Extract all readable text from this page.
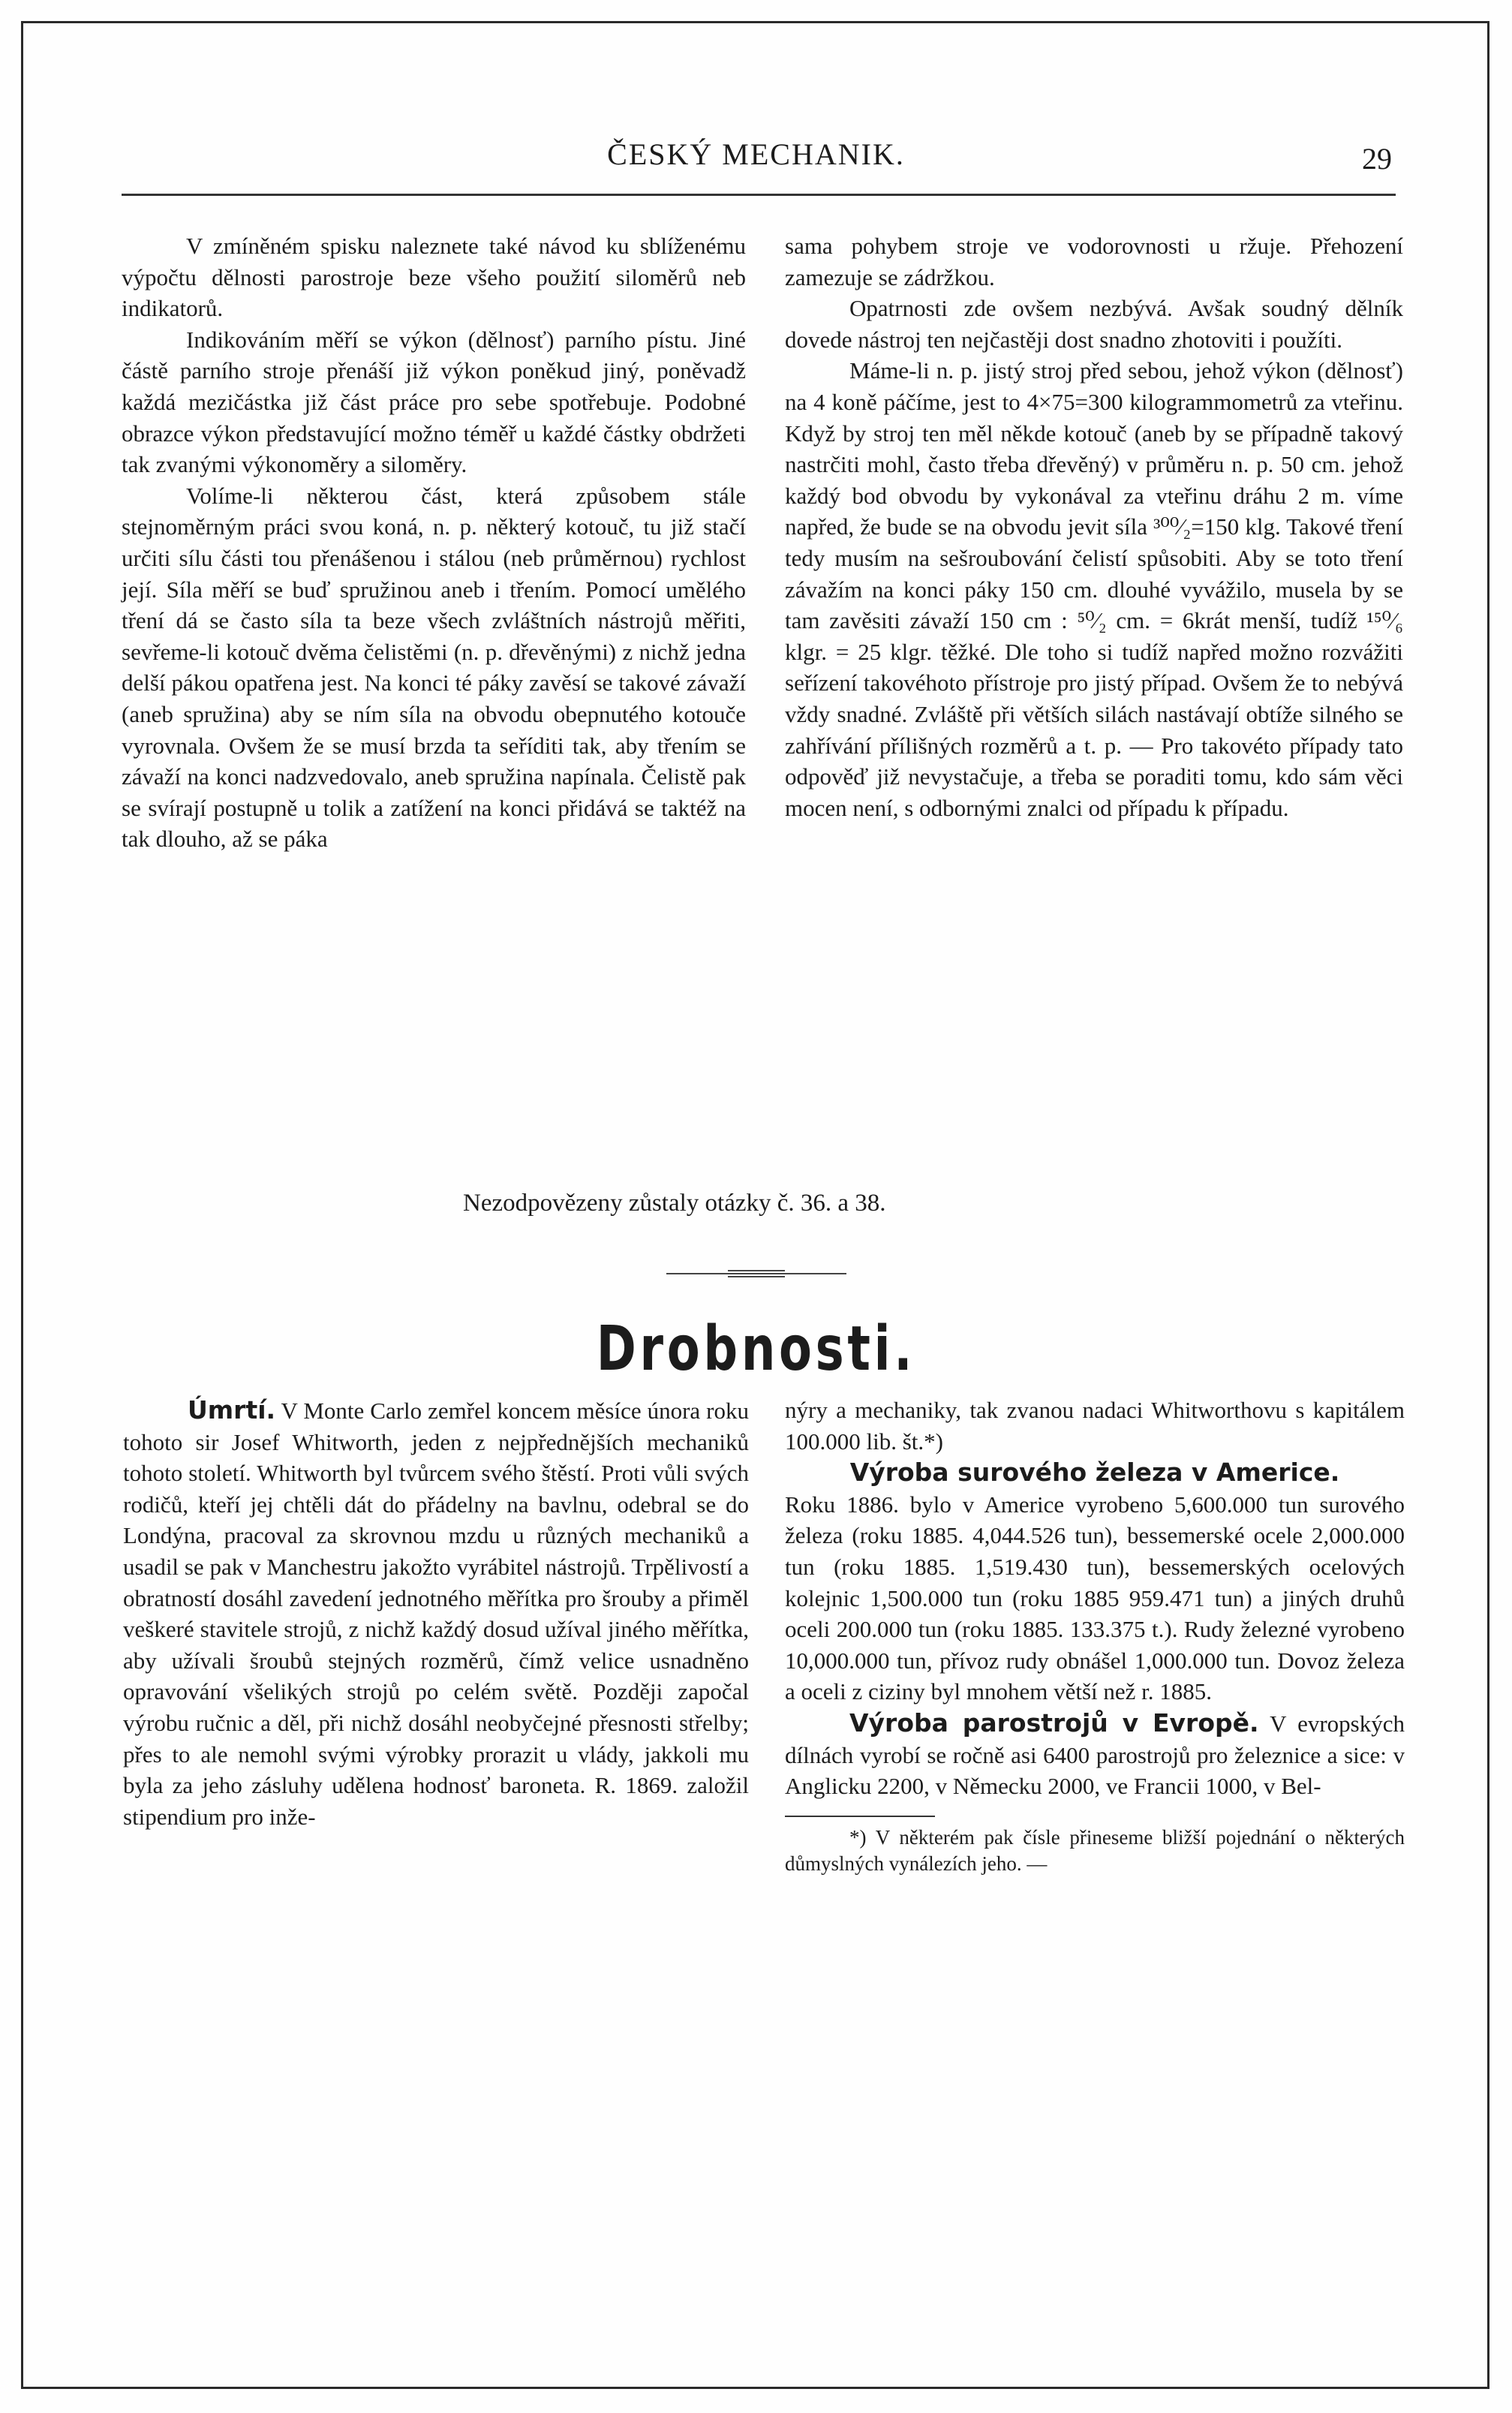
ČESKÝ MECHANIK.	29

V zmíněném spisku naleznete také návod ku sblíženému výpočtu dělnosti parostroje beze všeho použití siloměrů neb indikatorů.

Indikováním měří se výkon (dělnosť) parního pístu. Jiné částě parního stroje přenáší již výkon poněkud jiný, poněvadž každá mezičástka již část práce pro sebe spotřebuje. Podobné obrazce výkon představující možno téměř u každé částky obdržeti tak zvanými výkonoměry a siloměry.

Volíme-li některou část, která způsobem stále stejnoměrným práci svou koná, n. p. některý kotouč, tu již stačí určiti sílu části tou přenášenou i stálou (neb průměrnou) rychlost její. Síla měří se buď spružinou aneb i třením. Pomocí umělého tření dá se často síla ta beze všech zvláštních nástrojů měřiti, sevřeme-li kotouč dvěma čelistěmi (n. p. dřevěnými) z nichž jedna delší pákou opatřena jest. Na konci té páky zavěsí se takové závaží (aneb spružina) aby se ním síla na obvodu obepnutého kotouče vyrovnala. Ovšem že se musí brzda ta seříditi tak, aby třením se závaží na konci nadzvedovalo, aneb spružina napínala. Čelistě pak se svírají postupně u tolik a zatížení na konci přidává se taktéž na tak dlouho, až se páka

sama pohybem stroje ve vodorovnosti u ržuje. Přehození zamezuje se zádržkou.

Opatrnosti zde ovšem nezbývá. Avšak soudný dělník dovede nástroj ten nejčastěji dost snadno zhotoviti i použíti.

Máme-li n. p. jistý stroj před sebou, jehož výkon (dělnosť) na 4 koně páčíme, jest to 4×75=300 kilogrammometrů za vteřinu. Když by stroj ten měl někde kotouč (aneb by se případně takový nastrčiti mohl, často třeba dřevěný) v průměru n. p. 50 cm. jehož každý bod obvodu by vykonával za vteřinu dráhu 2 m. víme napřed, že bude se na obvodu jevit síla ³⁰⁰⁄₂=150 klg. Takové tření tedy musím na sešroubování čelistí spůsobiti. Aby se toto tření závažím na konci páky 150 cm. dlouhé vyvážilo, musela by se tam zavěsiti závaží 150 cm : ⁵⁰⁄₂ cm. = 6krát menší, tudíž ¹⁵⁰⁄₆ klgr. = 25 klgr. těžké. Dle toho si tudíž napřed možno rozvážiti seřízení takovéhoto přístroje pro jistý případ. Ovšem že to nebývá vždy snadné. Zvláště při větších silách nastávají obtíže silného se zahřívání přílišných rozměrů a t. p. — Pro takovéto případy tato odpověď již nevystačuje, a třeba se poraditi tomu, kdo sám věci mocen není, s odbornými znalci od případu k případu.

Nezodpovězeny zůstaly otázky č. 36. a 38.
Drobnosti.

Úmrtí. V Monte Carlo zemřel koncem měsíce února roku tohoto sir Josef Whitworth, jeden z nejpřednějších mechaniků tohoto století. Whitworth byl tvůrcem svého štěstí. Proti vůli svých rodičů, kteří jej chtěli dát do přádelny na bavlnu, odebral se do Londýna, pracoval za skrovnou mzdu u různých mechaniků a usadil se pak v Manchestru jakožto vyrábitel nástrojů. Trpělivostí a obratností dosáhl zavedení jednotného měřítka pro šrouby a přiměl veškeré stavitele strojů, z nichž každý dosud užíval jiného měřítka, aby užívali šroubů stejných rozměrů, čímž velice usnadněno opravování všelikých strojů po celém světě. Později započal výrobu ručnic a děl, při nichž dosáhl neobyčejné přesnosti střelby; přes to ale nemohl svými výrobky prorazit u vlády, jakkoli mu byla za jeho zásluhy udělena hodnosť baroneta. R. 1869. založil stipendium pro inže-

nýry a mechaniky, tak zvanou nadaci Whitworthovu s kapitálem 100.000 lib. št.*)

Výroba surového železa v Americe.

Roku 1886. bylo v Americe vyrobeno 5,600.000 tun surového železa (roku 1885. 4,044.526 tun), bessemerské ocele 2,000.000 tun (roku 1885. 1,519.430 tun), bessemerských ocelových kolejnic 1,500.000 tun (roku 1885 959.471 tun) a jiných druhů oceli 200.000 tun (roku 1885. 133.375 t.). Rudy železné vyrobeno 10,000.000 tun, přívoz rudy obnášel 1,000.000 tun. Dovoz železa a oceli z ciziny byl mnohem větší než r. 1885.

Výroba parostrojů v Evropě. V evropských dílnách vyrobí se ročně asi 6400 parostrojů pro železnice a sice: v Anglicku 2200, v Německu 2000, ve Francii 1000, v Bel-

*) V některém pak čísle přineseme bližší pojednání o některých důmyslných vynálezích jeho. —
